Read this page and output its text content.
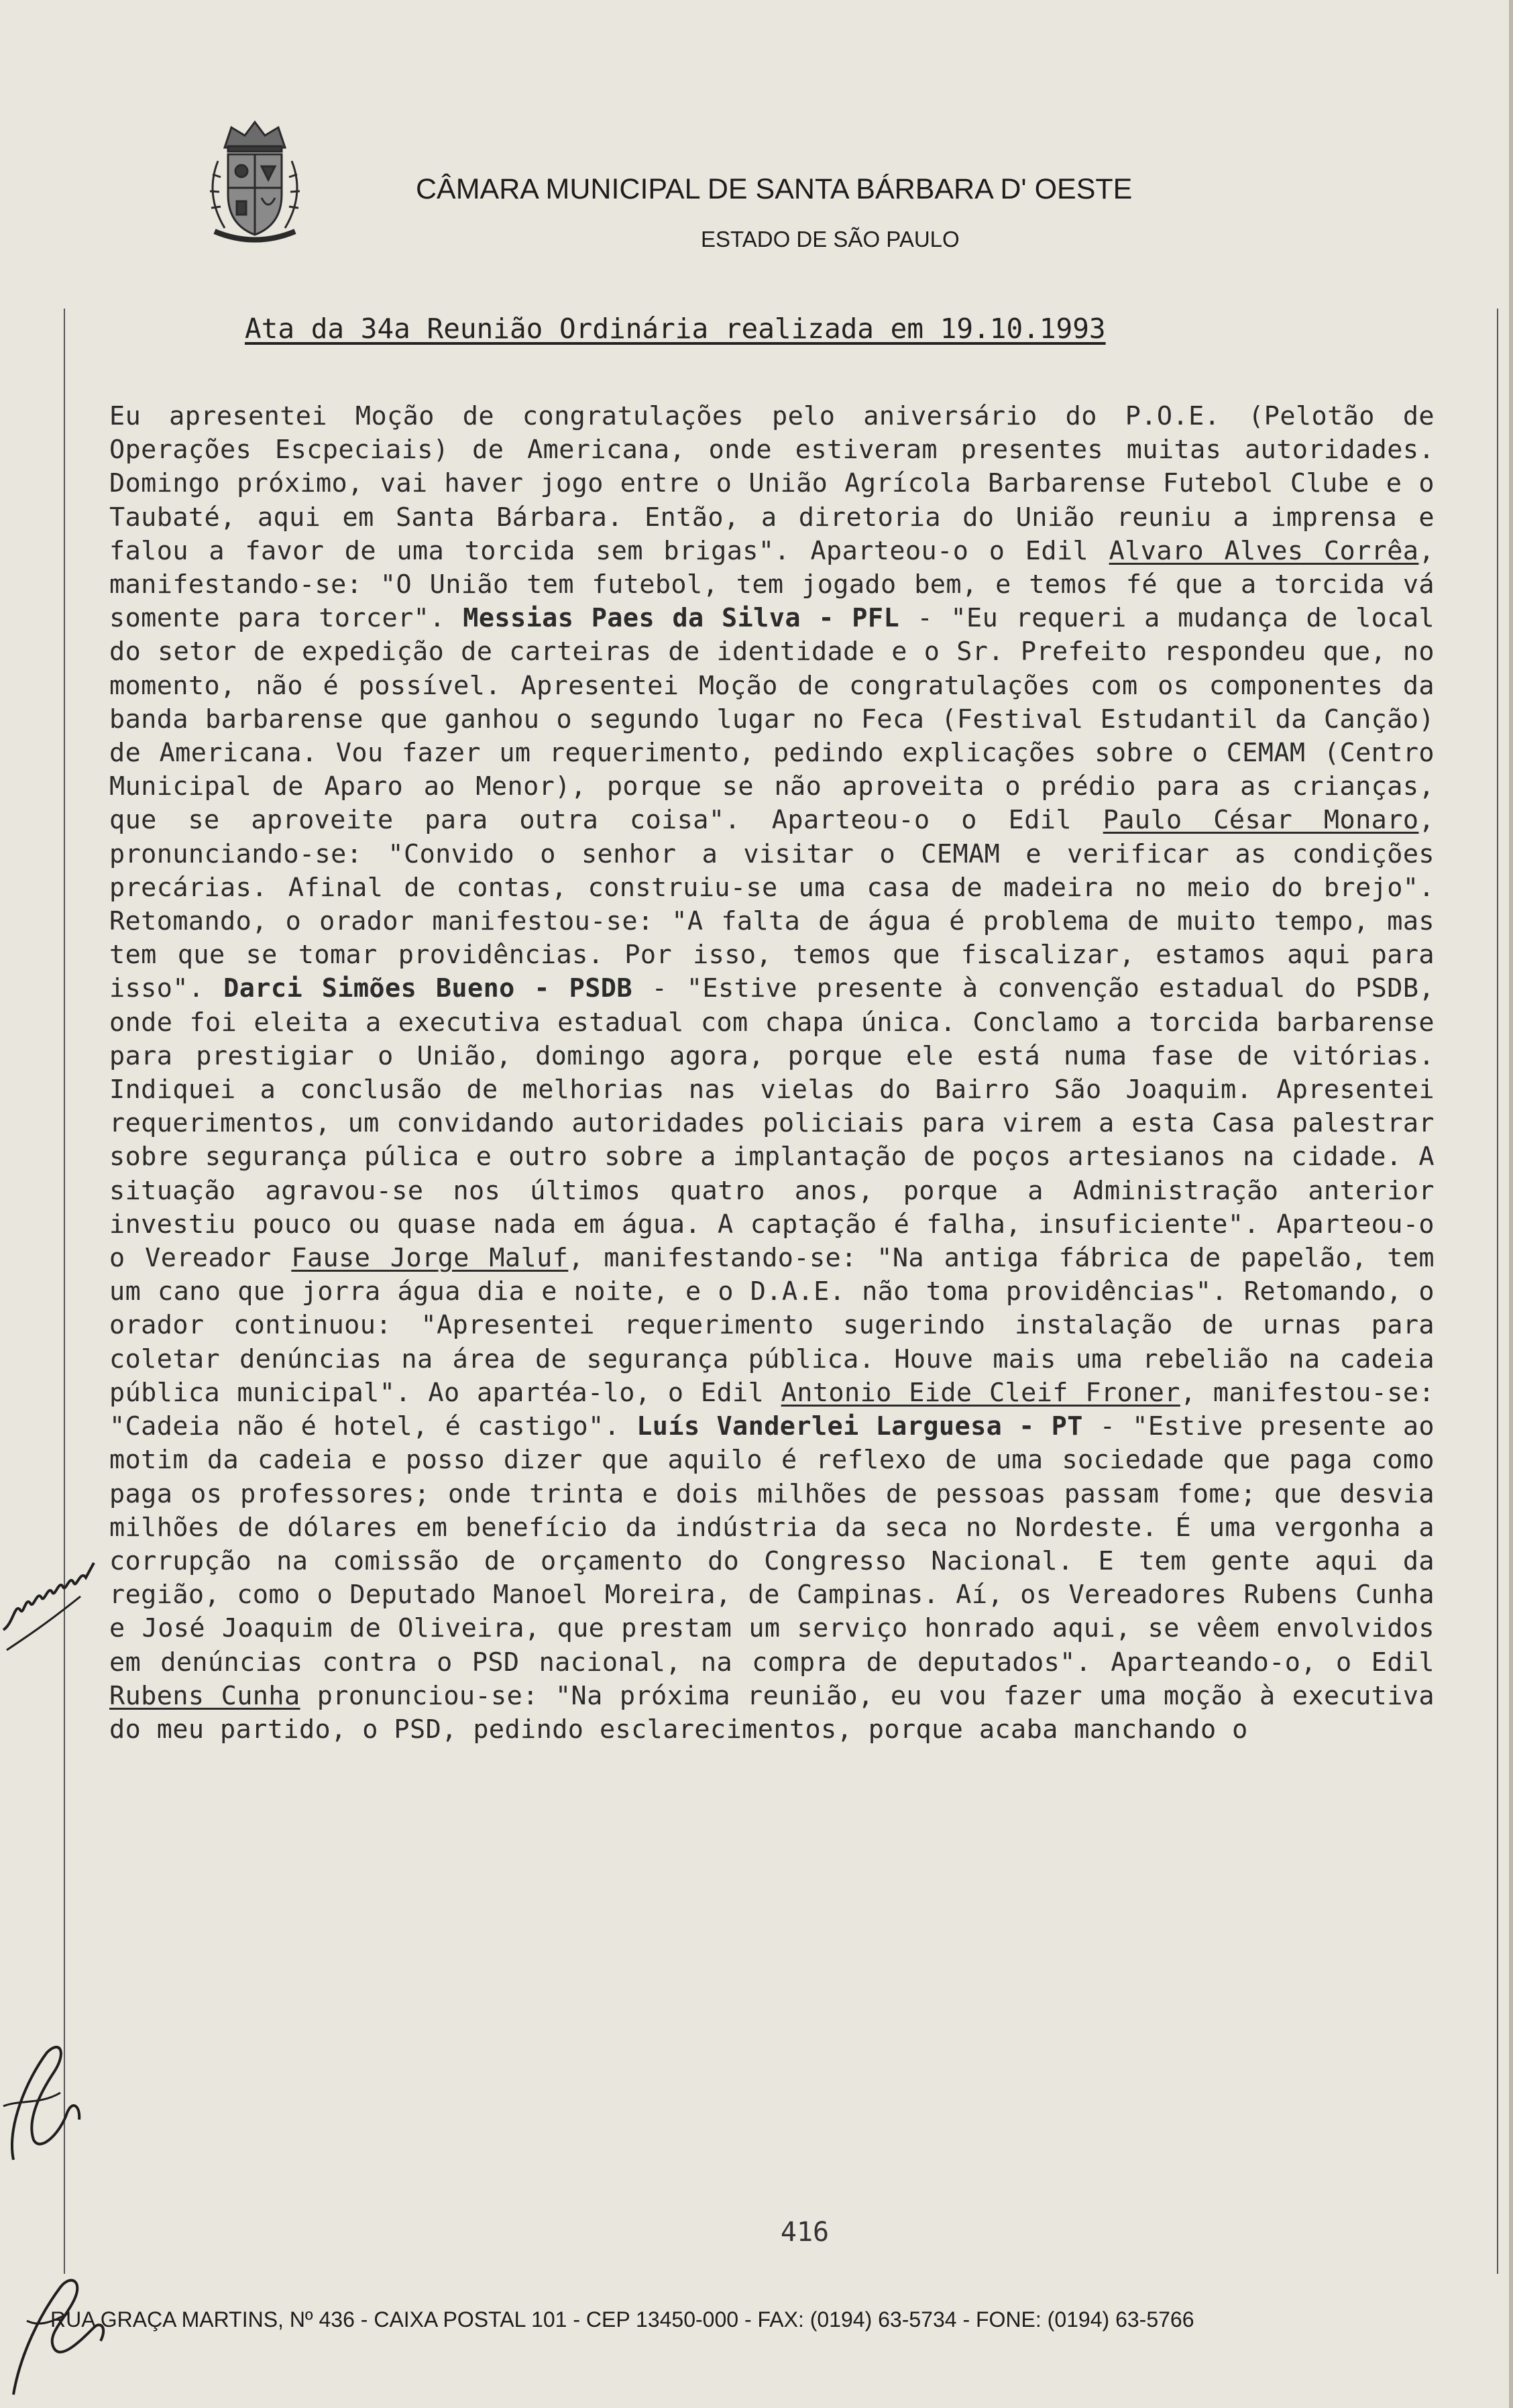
CÂMARA MUNICIPAL DE SANTA BÁRBARA D' OESTE
ESTADO DE SÃO PAULO
Ata da 34a Reunião Ordinária realizada em 19.10.1993
Eu apresentei Moção de congratulações pelo aniversário do P.O.E. (Pelotão de Operações Escpeciais) de Americana, onde estiveram presentes muitas autoridades. Domingo próximo, vai haver jogo entre o União Agrícola Barbarense Futebol Clube e o Taubaté, aqui em Santa Bárbara. Então, a diretoria do União reuniu a imprensa e falou a favor de uma torcida sem brigas". Aparteou-o o Edil Alvaro Alves Corrêa, manifestando-se: "O União tem futebol, tem jogado bem, e temos fé que a torcida vá somente para torcer". Messias Paes da Silva - PFL - "Eu requeri a mudança de local do setor de expedição de carteiras de identidade e o Sr. Prefeito respondeu que, no momento, não é possível. Apresentei Moção de congratulações com os componentes da banda barbarense que ganhou o segundo lugar no Feca (Festival Estudantil da Canção) de Americana. Vou fazer um requerimento, pedindo explicações sobre o CEMAM (Centro Municipal de Aparo ao Menor), porque se não aproveita o prédio para as crianças, que se aproveite para outra coisa". Aparteou-o o Edil Paulo César Monaro, pronunciando-se: "Convido o senhor a visitar o CEMAM e verificar as condições precárias. Afinal de contas, construiu-se uma casa de madeira no meio do brejo". Retomando, o orador manifestou-se: "A falta de água é problema de muito tempo, mas tem que se tomar providências. Por isso, temos que fiscalizar, estamos aqui para isso". Darci Simões Bueno - PSDB - "Estive presente à convenção estadual do PSDB, onde foi eleita a executiva estadual com chapa única. Conclamo a torcida barbarense para prestigiar o União, domingo agora, porque ele está numa fase de vitórias. Indiquei a conclusão de melhorias nas vielas do Bairro São Joaquim. Apresentei requerimentos, um convidando autoridades policiais para virem a esta Casa palestrar sobre segurança púlica e outro sobre a implantação de poços artesianos na cidade. A situação agravou-se nos últimos quatro anos, porque a Administração anterior investiu pouco ou quase nada em água. A captação é falha, insuficiente". Aparteou-o o Vereador Fause Jorge Maluf, manifestando-se: "Na antiga fábrica de papelão, tem um cano que jorra água dia e noite, e o D.A.E. não toma providências". Retomando, o orador continuou: "Apresentei requerimento sugerindo instalação de urnas para coletar denúncias na área de segurança pública. Houve mais uma rebelião na cadeia pública municipal". Ao apartéa-lo, o Edil Antonio Eide Cleif Froner, manifestou-se: "Cadeia não é hotel, é castigo". Luís Vanderlei Larguesa - PT - "Estive presente ao motim da cadeia e posso dizer que aquilo é reflexo de uma sociedade que paga como paga os professores; onde trinta e dois milhões de pessoas passam fome; que desvia milhões de dólares em benefício da indústria da seca no Nordeste. É uma vergonha a corrupção na comissão de orçamento do Congresso Nacional. E tem gente aqui da região, como o Deputado Manoel Moreira, de Campinas. Aí, os Vereadores Rubens Cunha e José Joaquim de Oliveira, que prestam um serviço honrado aqui, se vêem envolvidos em denúncias contra o PSD nacional, na compra de deputados". Aparteando-o, o Edil Rubens Cunha pronunciou-se: "Na próxima reunião, eu vou fazer uma moção à executiva do meu partido, o PSD, pedindo esclarecimentos, porque acaba manchando o
416
RUA GRAÇA MARTINS, Nº 436 - CAIXA POSTAL 101 - CEP 13450-000 - FAX: (0194) 63-5734 - FONE: (0194) 63-5766
